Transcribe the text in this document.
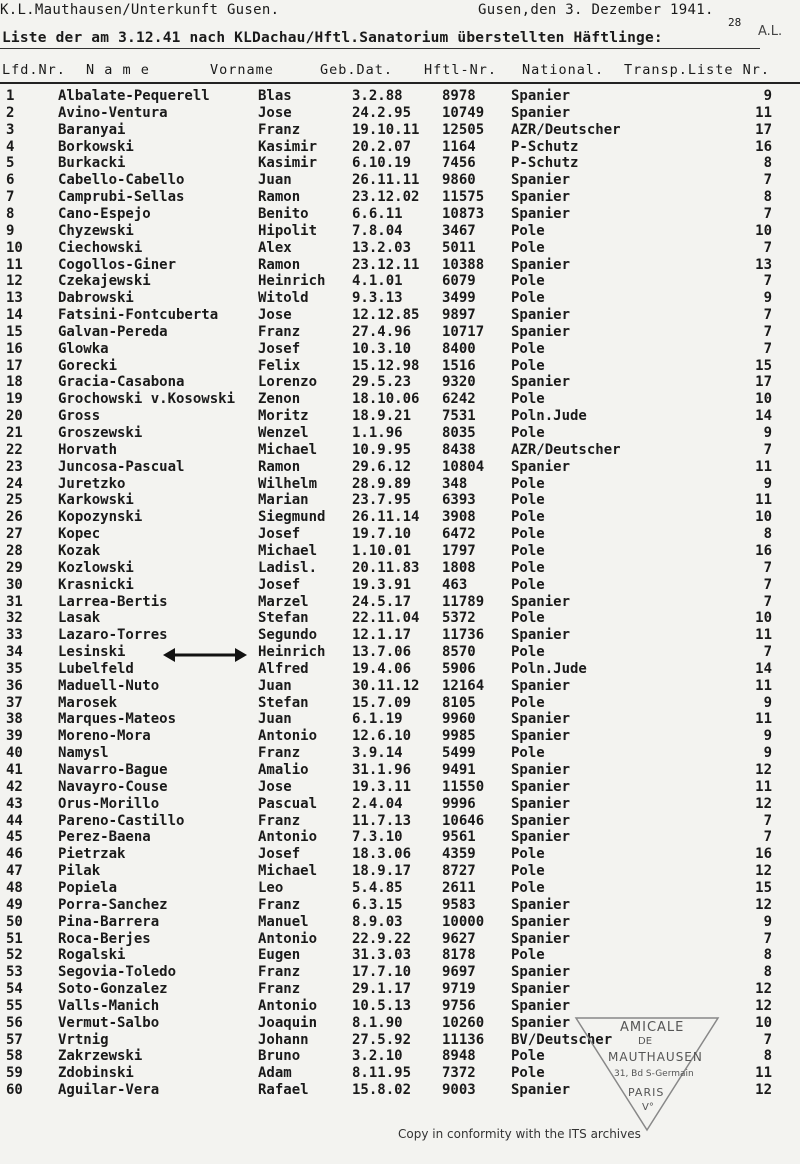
K.L.Mauthausen/Unterkunft Gusen.	Gusen,den 3. Dezember 1941.
28
A.L.
Liste der am 3.12.41 nach KLDachau/Hftl.Sanatorium überstellten Häftlinge:
Lfd.Nr. N a m e	Vorname	Geb.Dat. Hftl-Nr. National. Transp.Liste Nr.
1	Albalate-Pequerell	Blas	3.2.88	8978	Spanier	9
2	Avino-Ventura	Jose	24.2.95 10749 Spanier	11
3	Baranyai	Franz	19.10.11 12505 AZR/Deutscher	17
4	Borkowski	Kasimir 20.2.07 1164	P-Schutz	16
5	Burkacki	Kasimir 6.10.19 7456	P-Schutz	8
6	Cabello-Cabello	Juan	26.11.11 9860	Spanier	7
7	Camprubi-Sellas	Ramon	23.12.02 11575 Spanier	8
8	Cano-Espejo	Benito	6.6.11	10873 Spanier	7
9	Chyzewski	Hipolit 7.8.04	3467	Pole	10
10	Ciechowski	Alex	13.2.03 5011	Pole	7
11	Cogollos-Giner	Ramon	23.12.11 10388 Spanier	13
12	Czekajewski	Heinrich 4.1.01	6079	Pole	7
13	Dabrowski	Witold	9.3.13	3499	Pole	9
14	Fatsini-Fontcuberta	Jose	12.12.85 9897	Spanier	7
15	Galvan-Pereda	Franz	27.4.96 10717 Spanier	7
16	Glowka	Josef	10.3.10 8400	Pole	7
17	Gorecki	Felix	15.12.98 1516	Pole	15
18	Gracia-Casabona	Lorenzo 29.5.23 9320	Spanier	17
19	Grochowski v.Kosowski Zenon	18.10.06 6242	Pole	10
20	Gross	Moritz	18.9.21 7531	Poln.Jude	14
21	Groszewski	Wenzel	1.1.96	8035	Pole	9
22	Horvath	Michael 10.9.95 8438	AZR/Deutscher	7
23	Juncosa-Pascual	Ramon	29.6.12 10804 Spanier	11
24	Juretzko	Wilhelm 28.9.89 348	Pole	9
25	Karkowski	Marian	23.7.95 6393	Pole	11
26	Kopozynski	Siegmund 26.11.14 3908	Pole	10
27	Kopec	Josef	19.7.10 6472	Pole	8
28	Kozak	Michael 1.10.01 1797	Pole	16
29	Kozlowski	Ladisl. 20.11.83 1808	Pole	7
30	Krasnicki	Josef	19.3.91 463	Pole	7
31	Larrea-Bertis	Marzel	24.5.17 11789 Spanier	7
32	Lasak	Stefan	22.11.04 5372	Pole	10
33	Lazaro-Torres	Segundo 12.1.17 11736 Spanier	11
34	Lesinski	Heinrich 13.7.06 8570	Pole	7
35	Lubelfeld	Alfred	19.4.06 5906	Poln.Jude	14
36	Maduell-Nuto	Juan	30.11.12 12164 Spanier	11
37	Marosek	Stefan	15.7.09 8105	Pole	9
38	Marques-Mateos	Juan	6.1.19	9960	Spanier	11
39	Moreno-Mora	Antonio 12.6.10 9985	Spanier	9
40	Namysl	Franz	3.9.14	5499	Pole	9
41	Navarro-Bague	Amalio	31.1.96 9491	Spanier	12
42	Navayro-Couse	Jose	19.3.11 11550 Spanier	11
43	Orus-Morillo	Pascual 2.4.04	9996	Spanier	12
44	Pareno-Castillo	Franz	11.7.13 10646 Spanier	7
45	Perez-Baena	Antonio 7.3.10	9561	Spanier	7
46	Pietrzak	Josef	18.3.06 4359	Pole	16
47	Pilak	Michael 18.9.17 8727	Pole	12
48	Popiela	Leo	5.4.85	2611	Pole	15
49	Porra-Sanchez	Franz	6.3.15	9583	Spanier	12
50	Pina-Barrera	Manuel	8.9.03	10000 Spanier	9
51	Roca-Berjes	Antonio 22.9.22 9627	Spanier	7
52	Rogalski	Eugen	31.3.03 8178	Pole	8
53	Segovia-Toledo	Franz	17.7.10 9697	Spanier	8
54	Soto-Gonzalez	Franz	29.1.17 9719	Spanier	12
55	Valls-Manich	Antonio 10.5.13 9756	Spanier	12
56	Vermut-Salbo	Joaquin 8.1.90	10260 Spanier	10
57	Vrtnig	Johann	27.5.92 11136 BV/Deutscher	7
58	Zakrzewski	Bruno	3.2.10	8948	Pole	8
59	Zdobinski	Adam	8.11.95 7372	Pole	11
60	Aguilar-Vera	Rafael	15.8.02 9003	Spanier	12
AMICALE
DE
MAUTHAUSEN
31, Bd S-Germain
PARIS
V°
Copy in conformity with the ITS archives
